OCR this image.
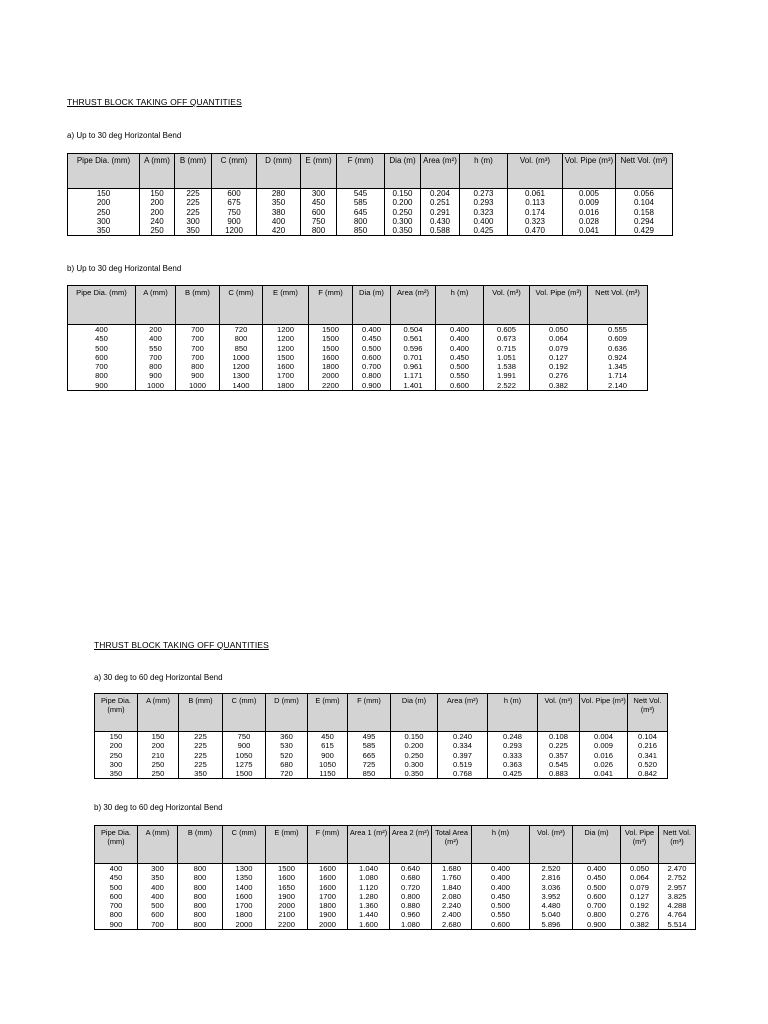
THRUST BLOCK TAKING OFF QUANTITIES
a) Up to 30 deg Horizontal Bend
Pipe Dia. (mm)	A (mm)	B (mm)	C (mm)	D (mm)	E (mm)	F (mm)	Dia (m)	Area (m²)	h (m)	Vol. (m³)	Vol. Pipe (m³)	Nett Vol. (m³)
150	150	225	600	280	300	545	0.150	0.204	0.273	0.061	0.005	0.056
200	200	225	675	350	450	585	0.200	0.251	0.293	0.113	0.009	0.104
250	200	225	750	380	600	645	0.250	0.291	0.323	0.174	0.016	0.158
300	240	300	900	400	750	800	0.300	0.430	0.400	0.323	0.028	0.294
350	250	350	1200	420	800	850	0.350	0.588	0.425	0.470	0.041	0.429
b) Up to 30 deg Horizontal Bend
Pipe Dia. (mm)	A (mm)	B (mm)	C (mm)	E (mm)	F (mm)	Dia (m)	Area (m²)	h (m)	Vol. (m³)	Vol. Pipe (m³)	Nett Vol. (m³)
400	200	700	720	1200	1500	0.400	0.504	0.400	0.605	0.050	0.555
450	400	700	800	1200	1500	0.450	0.561	0.400	0.673	0.064	0.609
500	550	700	850	1200	1500	0.500	0.596	0.400	0.715	0.079	0.636
600	700	700	1000	1500	1600	0.600	0.701	0.450	1.051	0.127	0.924
700	800	800	1200	1600	1800	0.700	0.961	0.500	1.538	0.192	1.345
800	900	900	1300	1700	2000	0.800	1.171	0.550	1.991	0.276	1.714
900	1000	1000	1400	1800	2200	0.900	1.401	0.600	2.522	0.382	2.140
THRUST BLOCK TAKING OFF QUANTITIES
a) 30 deg to 60 deg Horizontal Bend
Pipe Dia. (mm)	A (mm)	B (mm)	C (mm)	D (mm)	E (mm)	F (mm)	Dia (m)	Area (m²)	h (m)	Vol. (m³)	Vol. Pipe (m³)	Nett Vol. (m³)
150	150	225	750	360	450	495	0.150	0.240	0.248	0.108	0.004	0.104
200	200	225	900	530	615	585	0.200	0.334	0.293	0.225	0.009	0.216
250	210	225	1050	520	900	665	0.250	0.397	0.333	0.357	0.016	0.341
300	250	225	1275	680	1050	725	0.300	0.519	0.363	0.545	0.026	0.520
350	250	350	1500	720	1150	850	0.350	0.768	0.425	0.883	0.041	0.842
b) 30 deg to 60 deg Horizontal Bend
Pipe Dia. (mm)	A (mm)	B (mm)	C (mm)	E (mm)	F (mm)	Area 1 (m²)	Area 2 (m²)	Total Area (m²)	h (m)	Vol. (m³)	Dia (m)	Vol. Pipe (m³)	Nett Vol. (m³)
400	300	800	1300	1500	1600	1.040	0.640	1.680	0.400	2.520	0.400	0.050	2.470
450	350	800	1350	1600	1600	1.080	0.680	1.760	0.400	2.816	0.450	0.064	2.752
500	400	800	1400	1650	1600	1.120	0.720	1.840	0.400	3.036	0.500	0.079	2.957
600	400	800	1600	1900	1700	1.280	0.800	2.080	0.450	3.952	0.600	0.127	3.825
700	500	800	1700	2000	1800	1.360	0.880	2.240	0.500	4.480	0.700	0.192	4.288
800	600	800	1800	2100	1900	1.440	0.960	2.400	0.550	5.040	0.800	0.276	4.764
900	700	800	2000	2200	2000	1.600	1.080	2.680	0.600	5.896	0.900	0.382	5.514
